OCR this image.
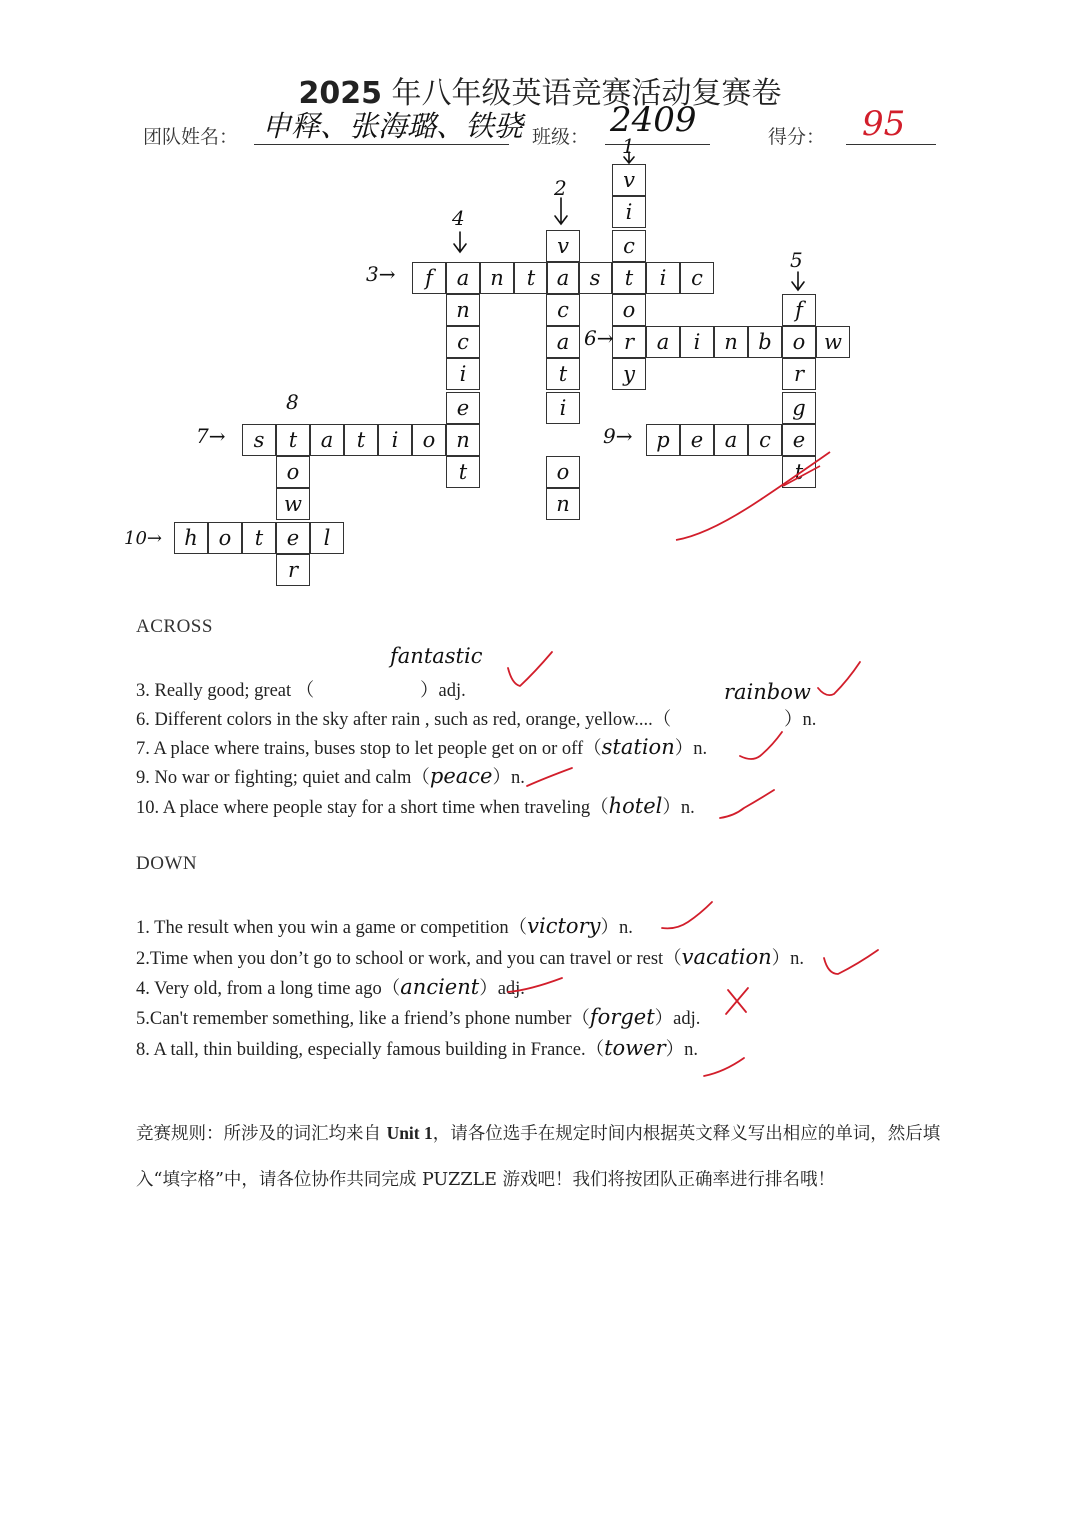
2025 年八年级英语竞赛活动复赛卷
团队姓名： 申释、张海璐、铁骁 班级： 2409	得分： 95
f	a n	t	a s	t	i	c
r	a	i	n b o w
s	t	a	t	i	o n	p	e	a	c	e
h o	t	e	l
v
i
c
o
y
v
c
a
t
i
o
n
n
c
i
e
t
f
r
g
t
o
w
r
3→
6→
7→	9→
10→
1
2
4
5
8
ACROSS
3. Really good; great （
fantastic
）adj.
6. Different colors in the sky after rain , such as red, orange, yellow....（
rainbow
）n.
7. A place where trains, buses stop to let people get on or off（station）n.
9. No war or fighting; quiet and calm（peace）n.
10. A place where people stay for a short time when traveling（hotel）n.
DOWN
1. The result when you win a game or competition（victory）n.
2.Time when you don’t go to school or work, and you can travel or rest（vacation）n.
4. Very old, from a long time ago（ancient）adj.
5.Can't remember something, like a friend’s phone number（forget）adj.
8. A tall, thin building, especially famous building in France.（tower）n.
竞赛规则：所涉及的词汇均来自 Unit 1，请各位选手在规定时间内根据英文释义写出相应的单词，然后填入“填字格”中，请各位协作共同完成 PUZZLE 游戏吧！我们将按团队正确率进行排名哦！
